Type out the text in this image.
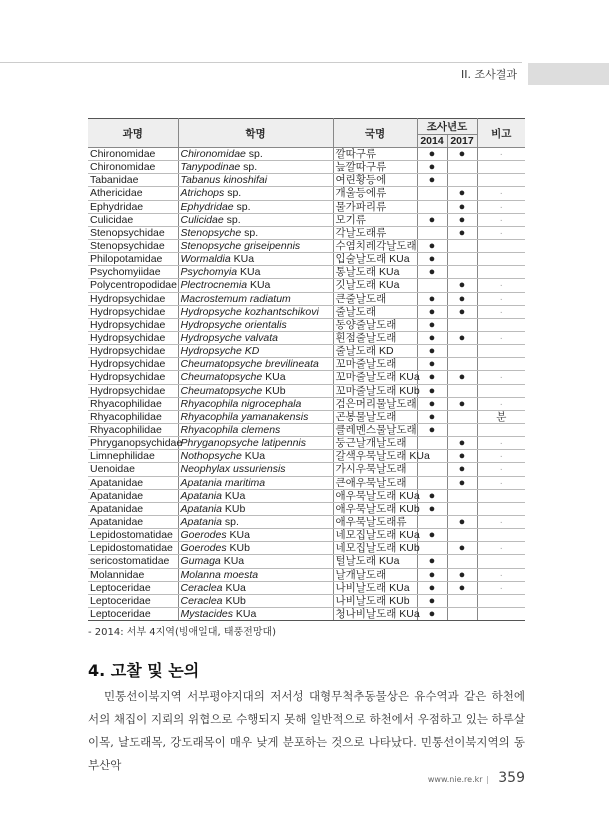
II. 조사결과
과명	학명	국명	조사년도		비고
			2014	2017	
Chironomidae	Chironomidae sp.	깔따구류	●	●	·
Chironomidae	Tanypodinae sp.	늪깔따구류	●		
Tabanidae	Tabanus kinoshifai	여린황등에	●		
Athericidae	Atrichops sp.	개울등에류		●	·
Ephydridae	Ephydridae sp.	물가파리류		●	·
Culicidae	Culicidae sp.	모기류	●	●	·
Stenopsychidae	Stenopsyche sp.	각날도래류		●	·
Stenopsychidae	Stenopsyche griseipennis	수염치레각날도래	●		
Philopotamidae	Wormaldia KUa	입술날도래 KUa	●		
Psychomyiidae	Psychomyia KUa	통날도래 KUa	●		
Polycentropodidae	Plectrocnemia KUa	깃날도래 KUa		●	·
Hydropsychidae	Macrostemum radiatum	큰줄날도래	●	●	·
Hydropsychidae	Hydropsyche kozhantschikovi	줄날도래	●	●	·
Hydropsychidae	Hydropsyche orientalis	동양줄날도래	●		
Hydropsychidae	Hydropsyche valvata	흰점줄날도래	●	●	·
Hydropsychidae	Hydropsyche KD	줄날도래 KD	●		
Hydropsychidae	Cheumatopsyche brevilineata	꼬마줄날도래	●		
Hydropsychidae	Cheumatopsyche KUa	꼬마줄날도래 KUa	●	●	·
Hydropsychidae	Cheumatopsyche KUb	꼬마줄날도래 KUb	●		
Rhyacophilidae	Rhyacophila nigrocephala	검은머리물날도래	●	●	·
Rhyacophilidae	Rhyacophila yamanakensis	곤봉물날도래	●		분
Rhyacophilidae	Rhyacophila clemens	클레멘스물날도래	●		
Phryganopsychidae	Phryganopsyche latipennis	둥근날개날도래		●	·
Limnephilidae	Nothopsyche KUa	갈색우묵날도래 KUa		●	·
Uenoidae	Neophylax ussuriensis	가시우묵날도래		●	·
Apatanidae	Apatania maritima	큰애우묵날도래		●	·
Apatanidae	Apatania KUa	애우묵날도래 KUa	●		
Apatanidae	Apatania KUb	애우묵날도래 KUb	●		
Apatanidae	Apatania sp.	애우묵날도래류		●	·
Lepidostomatidae	Goerodes KUa	네모집날도래 KUa	●		
Lepidostomatidae	Goerodes KUb	네모집날도래 KUb		●	·
sericostomatidae	Gumaga KUa	털날도래 KUa	●		
Molannidae	Molanna moesta	날개날도래	●	●	·
Leptoceridae	Ceraclea KUa	나비날도래 KUa	●	●	·
Leptoceridae	Ceraclea KUb	나비날도래 KUb	●		
Leptoceridae	Mystacides KUa	청나비날도래 KUa	●		
- 2014: 서부 4지역(빙애일대, 태풍전망대)
4. 고찰 및 논의
민통선이북지역 서부평야지대의 저서성 대형무척추동물상은 유수역과 같은 하천에서의 채집이 지뢰의 위협으로 수행되지 못해 일반적으로 하천에서 우점하고 있는 하루살이목, 날도래목, 강도래목이 매우 낮게 분포하는 것으로 나타났다. 민통선이북지역의 동부산악
www.nie.re.kr | 359
